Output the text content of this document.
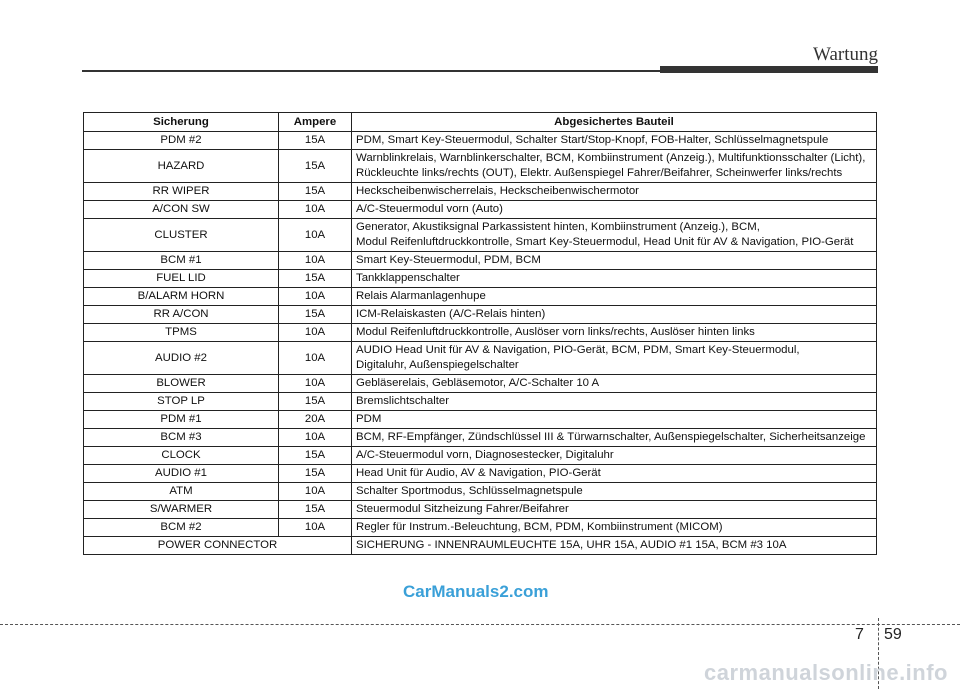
Wartung
Sicherung	Ampere	Abgesichertes Bauteil
PDM #2	15A	PDM, Smart Key-Steuermodul, Schalter Start/Stop-Knopf, FOB-Halter, Schlüsselmagnetspule
HAZARD	15A	Warnblinkrelais, Warnblinkerschalter, BCM, Kombiinstrument (Anzeig.), Multifunktionsschalter (Licht),
Rückleuchte links/rechts (OUT), Elektr. Außenspiegel Fahrer/Beifahrer, Scheinwerfer links/rechts
RR WIPER	15A	Heckscheibenwischerrelais, Heckscheibenwischermotor
A/CON SW	10A	A/C-Steuermodul vorn (Auto)
CLUSTER	10A	Generator, Akustiksignal Parkassistent hinten, Kombiinstrument (Anzeig.), BCM,
Modul Reifenluftdruckkontrolle, Smart Key-Steuermodul, Head Unit für AV & Navigation, PIO-Gerät
BCM #1	10A	Smart Key-Steuermodul, PDM, BCM
FUEL LID	15A	Tankklappenschalter
B/ALARM HORN	10A	Relais Alarmanlagenhupe
RR A/CON	15A	ICM-Relaiskasten (A/C-Relais hinten)
TPMS	10A	Modul Reifenluftdruckkontrolle, Auslöser vorn links/rechts, Auslöser hinten links
AUDIO #2	10A	AUDIO Head Unit für AV & Navigation, PIO-Gerät, BCM, PDM, Smart Key-Steuermodul,
Digitaluhr, Außenspiegelschalter
BLOWER	10A	Gebläserelais, Gebläsemotor, A/C-Schalter 10 A
STOP LP	15A	Bremslichtschalter
PDM #1	20A	PDM
BCM #3	10A	BCM, RF-Empfänger, Zündschlüssel III & Türwarnschalter, Außenspiegelschalter, Sicherheitsanzeige
CLOCK	15A	A/C-Steuermodul vorn, Diagnosestecker, Digitaluhr
AUDIO #1	15A	Head Unit für Audio, AV & Navigation, PIO-Gerät
ATM	10A	Schalter Sportmodus, Schlüsselmagnetspule
S/WARMER	15A	Steuermodul Sitzheizung Fahrer/Beifahrer
BCM #2	10A	Regler für Instrum.-Beleuchtung, BCM, PDM, Kombiinstrument (MICOM)
POWER CONNECTOR		SICHERUNG - INNENRAUMLEUCHTE 15A, UHR 15A, AUDIO #1 15A, BCM #3 10A
CarManuals2.com
7 59
carmanualsonline.info
